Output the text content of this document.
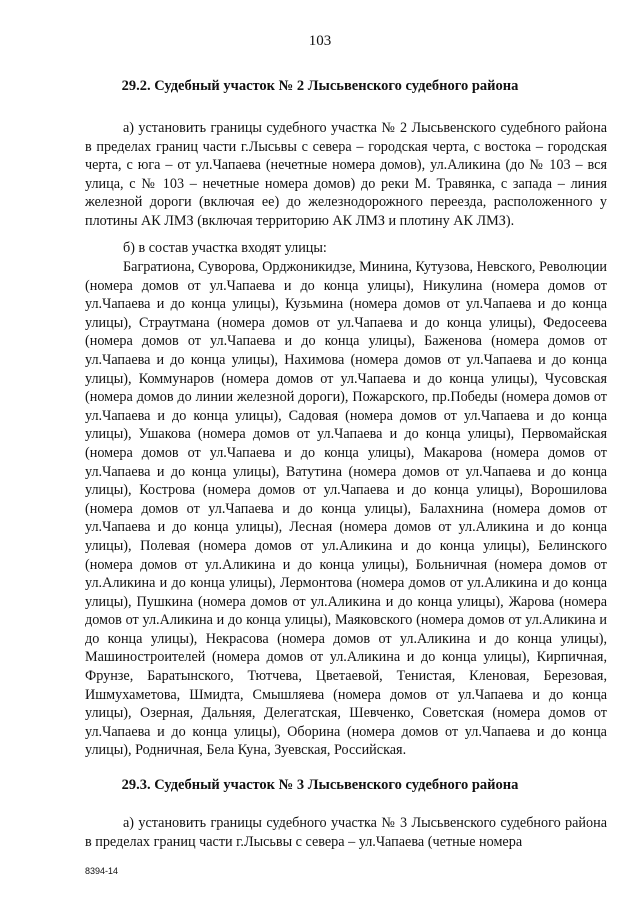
103
29.2. Судебный участок № 2 Лысьвенского судебного района

а) установить границы судебного участка № 2 Лысьвенского судебного района в пределах границ части г.Лысьвы с севера – городская черта, с востока – городская черта, с юга – от ул.Чапаева (нечетные номера домов), ул.Аликина (до № 103 – вся улица, с № 103 – нечетные номера домов) до реки М. Травянка, с запада – линия железной дороги (включая ее) до железнодорожного переезда, расположенного у плотины АК ЛМЗ (включая территорию АК ЛМЗ и плотину АК ЛМЗ).

б) в состав участка входят улицы:

Багратиона, Суворова, Орджоникидзе, Минина, Кутузова, Невского, Революции (номера домов от ул.Чапаева и до конца улицы), Никулина (номера домов от ул.Чапаева и до конца улицы), Кузьмина (номера домов от ул.Чапаева и до конца улицы), Страутмана (номера домов от ул.Чапаева и до конца улицы), Федосеева (номера домов от ул.Чапаева и до конца улицы), Баженова (номера домов от ул.Чапаева и до конца улицы), Нахимова (номера домов от ул.Чапаева и до конца улицы), Коммунаров (номера домов от ул.Чапаева и до конца улицы), Чусовская (номера домов до линии железной дороги), Пожарского, пр.Победы (номера домов от ул.Чапаева и до конца улицы), Садовая (номера домов от ул.Чапаева и до конца улицы), Ушакова (номера домов от ул.Чапаева и до конца улицы), Первомайская (номера домов от ул.Чапаева и до конца улицы), Макарова (номера домов от ул.Чапаева и до конца улицы), Ватутина (номера домов от ул.Чапаева и до конца улицы), Кострова (номера домов от ул.Чапаева и до конца улицы), Ворошилова (номера домов от ул.Чапаева и до конца улицы), Балахнина (номера домов от ул.Чапаева и до конца улицы), Лесная (номера домов от ул.Аликина и до конца улицы), Полевая (номера домов от ул.Аликина и до конца улицы), Белинского (номера домов от ул.Аликина и до конца улицы), Больничная (номера домов от ул.Аликина и до конца улицы), Лермонтова (номера домов от ул.Аликина и до конца улицы), Пушкина (номера домов от ул.Аликина и до конца улицы), Жарова (номера домов от ул.Аликина и до конца улицы), Маяковского (номера домов от ул.Аликина и до конца улицы), Некрасова (номера домов от ул.Аликина и до конца улицы), Машиностроителей (номера домов от ул.Аликина и до конца улицы), Кирпичная, Фрунзе, Баратынского, Тютчева, Цветаевой, Тенистая, Кленовая, Березовая, Ишмухаметова, Шмидта, Смышляева (номера домов от ул.Чапаева и до конца улицы), Озерная, Дальняя, Делегатская, Шевченко, Советская (номера домов от ул.Чапаева и до конца улицы), Оборина (номера домов от ул.Чапаева и до конца улицы), Родничная, Бела Куна, Зуевская, Российская.

29.3. Судебный участок № 3 Лысьвенского судебного района

а) установить границы судебного участка № 3 Лысьвенского судебного района в пределах границ части г.Лысьвы с севера – ул.Чапаева (четные номера

8394-14
